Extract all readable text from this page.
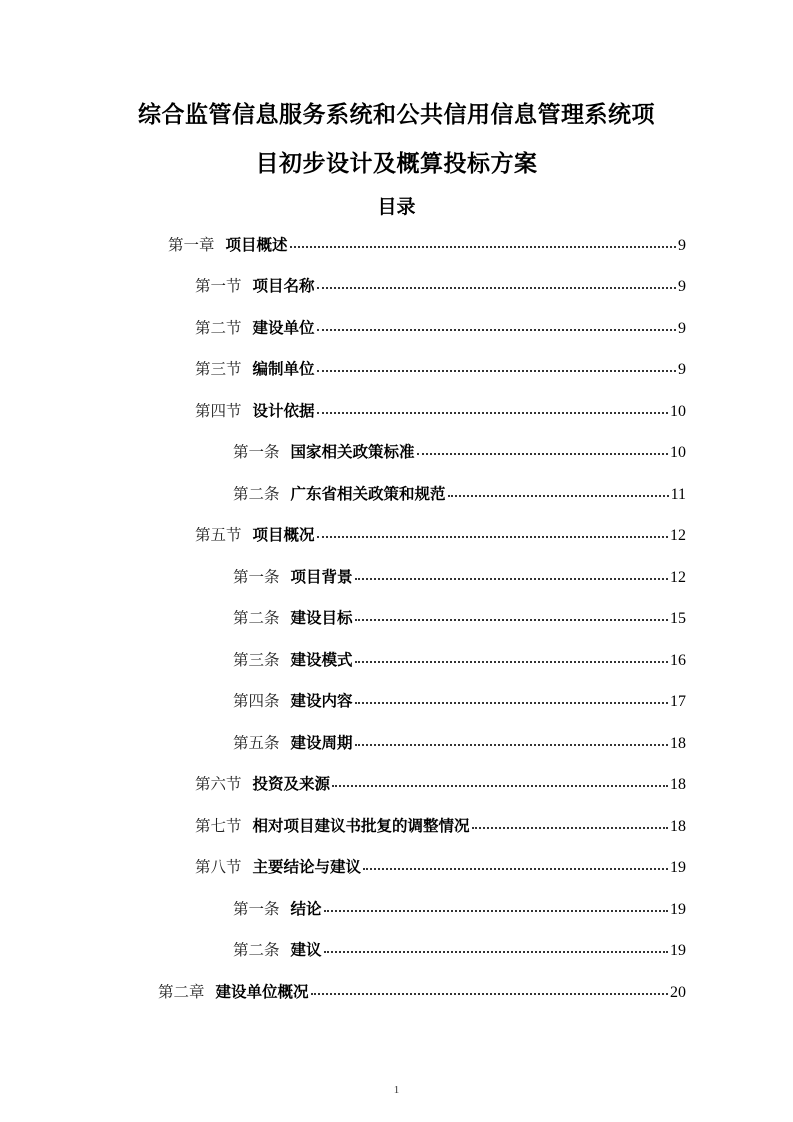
综合监管信息服务系统和公共信用信息管理系统项
目初步设计及概算投标方案
目录
第一章 项目概述	9
第一节 项目名称	9
第二节 建设单位	9
第三节 编制单位	9
第四节 设计依据	10
第一条 国家相关政策标准	10
第二条 广东省相关政策和规范	11
第五节 项目概况	12
第一条 项目背景	12
第二条 建设目标	15
第三条 建设模式	16
第四条 建设内容	17
第五条 建设周期	18
第六节 投资及来源	18
第七节 相对项目建议书批复的调整情况	18
第八节 主要结论与建议	19
第一条 结论	19
第二条 建议	19
第二章 建设单位概况	20
1
